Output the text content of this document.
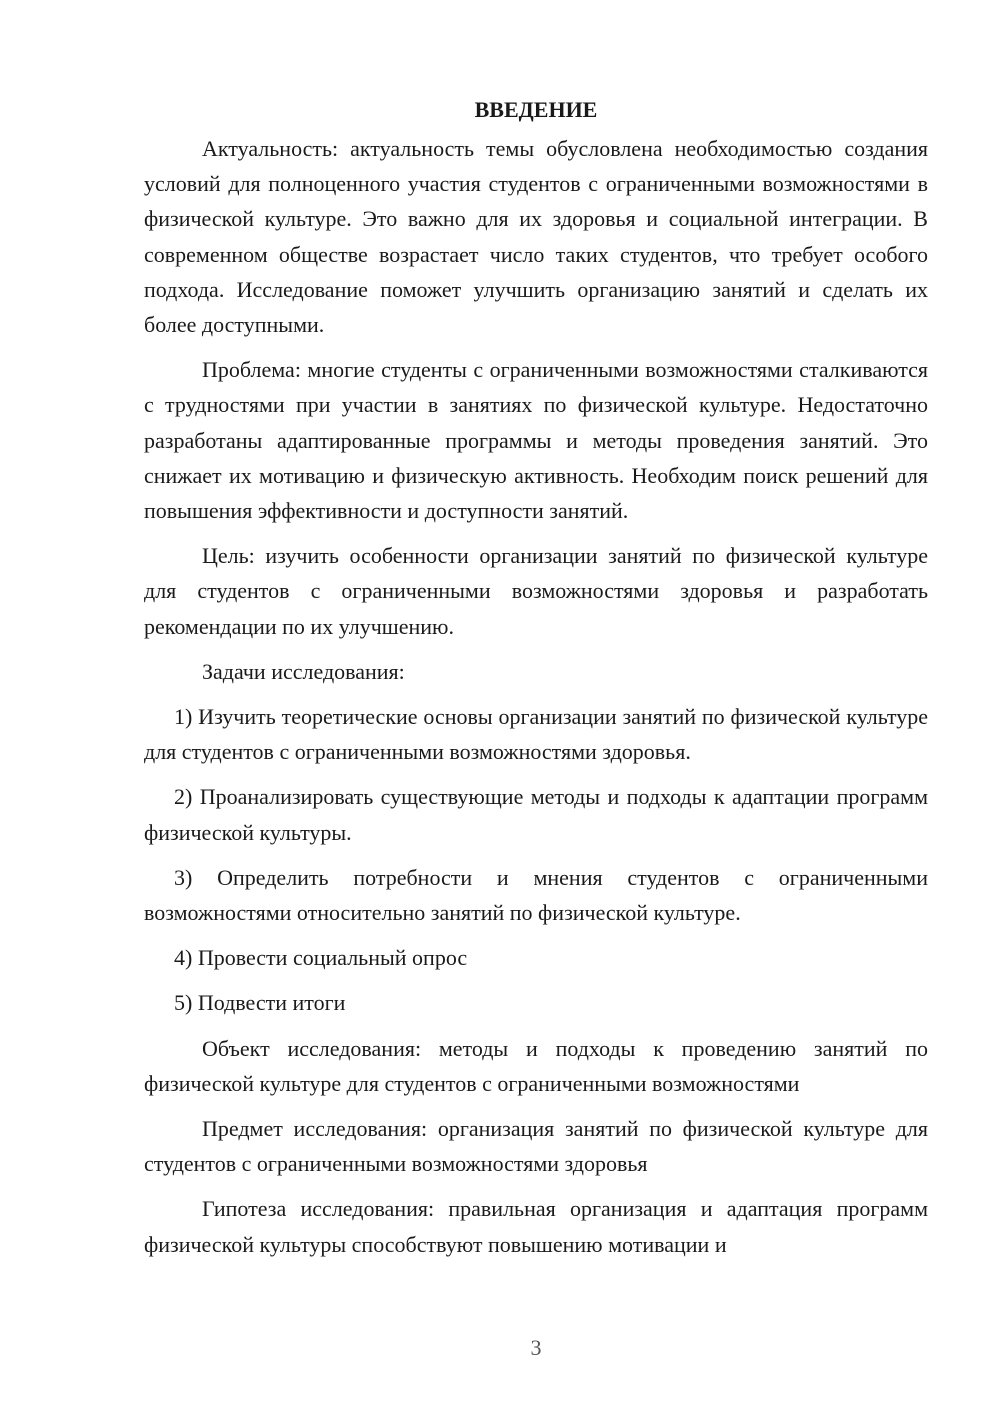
ВВЕДЕНИЕ

Актуальность: актуальность темы обусловлена необходимостью создания условий для полноценного участия студентов с ограниченными возможностями в физической культуре. Это важно для их здоровья и социальной интеграции. В современном обществе возрастает число таких студентов, что требует особого подхода. Исследование поможет улучшить организацию занятий и сделать их более доступными.

Проблема: многие студенты с ограниченными возможностями сталкиваются с трудностями при участии в занятиях по физической культуре. Недостаточно разработаны адаптированные программы и методы проведения занятий. Это снижает их мотивацию и физическую активность. Необходим поиск решений для повышения эффективности и доступности занятий.

Цель: изучить особенности организации занятий по физической культуре для студентов с ограниченными возможностями здоровья и разработать рекомендации по их улучшению.

Задачи исследования:

1) Изучить теоретические основы организации занятий по физической культуре для студентов с ограниченными возможностями здоровья.

2) Проанализировать существующие методы и подходы к адаптации программ физической культуры.

3) Определить потребности и мнения студентов с ограниченными возможностями относительно занятий по физической культуре.

4) Провести социальный опрос

5) Подвести итоги

Объект исследования: методы и подходы к проведению занятий по физической культуре для студентов с ограниченными возможностями

Предмет исследования: организация занятий по физической культуре для студентов с ограниченными возможностями здоровья

Гипотеза исследования: правильная организация и адаптация программ физической культуры способствуют повышению мотивации и

3
